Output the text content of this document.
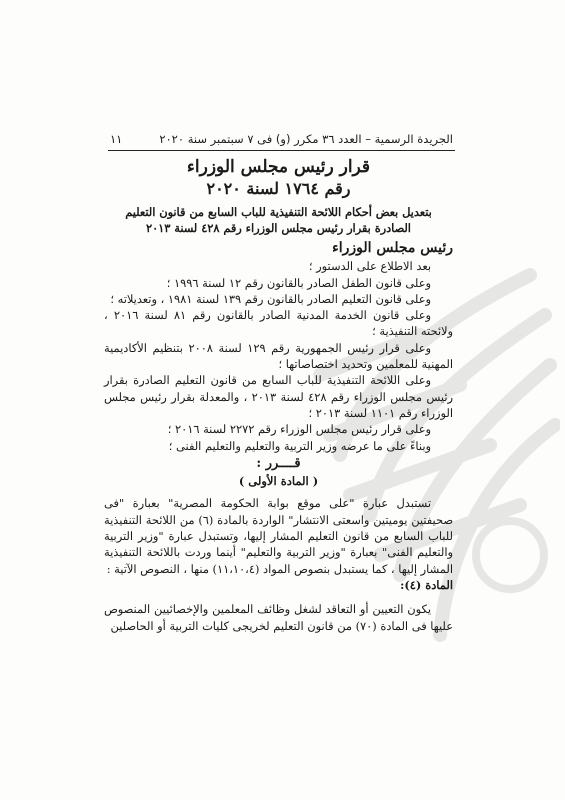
الجريدة الرسمية – العدد ٣٦ مكرر (و) فى ٧ سبتمبر سنة ٢٠٢٠
١١

قرار رئيس مجلس الوزراء

رقم ١٧٦٤ لسنة ٢٠٢٠

بتعديل بعض أحكام اللائحة التنفيذية للباب السابع من قانون التعليم
الصادرة بقرار رئيس مجلس الوزراء رقم ٤٢٨ لسنة ٢٠١٣
رئيس مجلس الوزراء

بعد الاطلاع على الدستور ؛

وعلى قانون الطفل الصادر بالقانون رقم ١٢ لسنة ١٩٩٦ ؛

وعلى قانون التعليم الصادر بالقانون رقم ١٣٩ لسنة ١٩٨١ ، وتعديلاته ؛

وعلى قانون الخدمة المدنية الصادر بالقانون رقم ٨١ لسنة ٢٠١٦ ، ولائحته التنفيذية ؛

وعلى قرار رئيس الجمهورية رقم ١٢٩ لسنة ٢٠٠٨ بتنظيم الأكاديمية المهنية للمعلمين وتحديد اختصاصاتها ؛

وعلى اللائحة التنفيذية للباب السابع من قانون التعليم الصادرة بقرار رئيس مجلس الوزراء رقم ٤٢٨ لسنة ٢٠١٣ ، والمعدلة بقرار رئيس مجلس الوزراء رقم ١١٠١ لسنة ٢٠١٣ ؛

وعلى قرار رئيس مجلس الوزراء رقم ٢٢٧٢ لسنة ٢٠١٦ ؛

وبناءً على ما عرضه وزير التربية والتعليم والتعليم الفنى ؛

قــــرر :
( المادة الأولى )

تستبدل عبارة "على موقع بوابة الحكومة المصرية" بعبارة "فى صحيفتين يوميتين واسعتى الانتشار" الواردة بالمادة (٦) من اللائحة التنفيذية للباب السابع من قانون التعليم المشار إليها، وتستبدل عبارة "وزير التربية والتعليم الفنى" بعبارة "وزير التربية والتعليم" أينما وردت باللائحة التنفيذية المشار إليها ، كما يستبدل بنصوص المواد (١١،١٠،٤) منها ، النصوص الآتية :

المادة (٤):

يكون التعيين أو التعاقد لشغل وظائف المعلمين والإخصائيين المنصوص عليها فى المادة (٧٠) من قانون التعليم لخريجى كليات التربية أو الحاصلين
